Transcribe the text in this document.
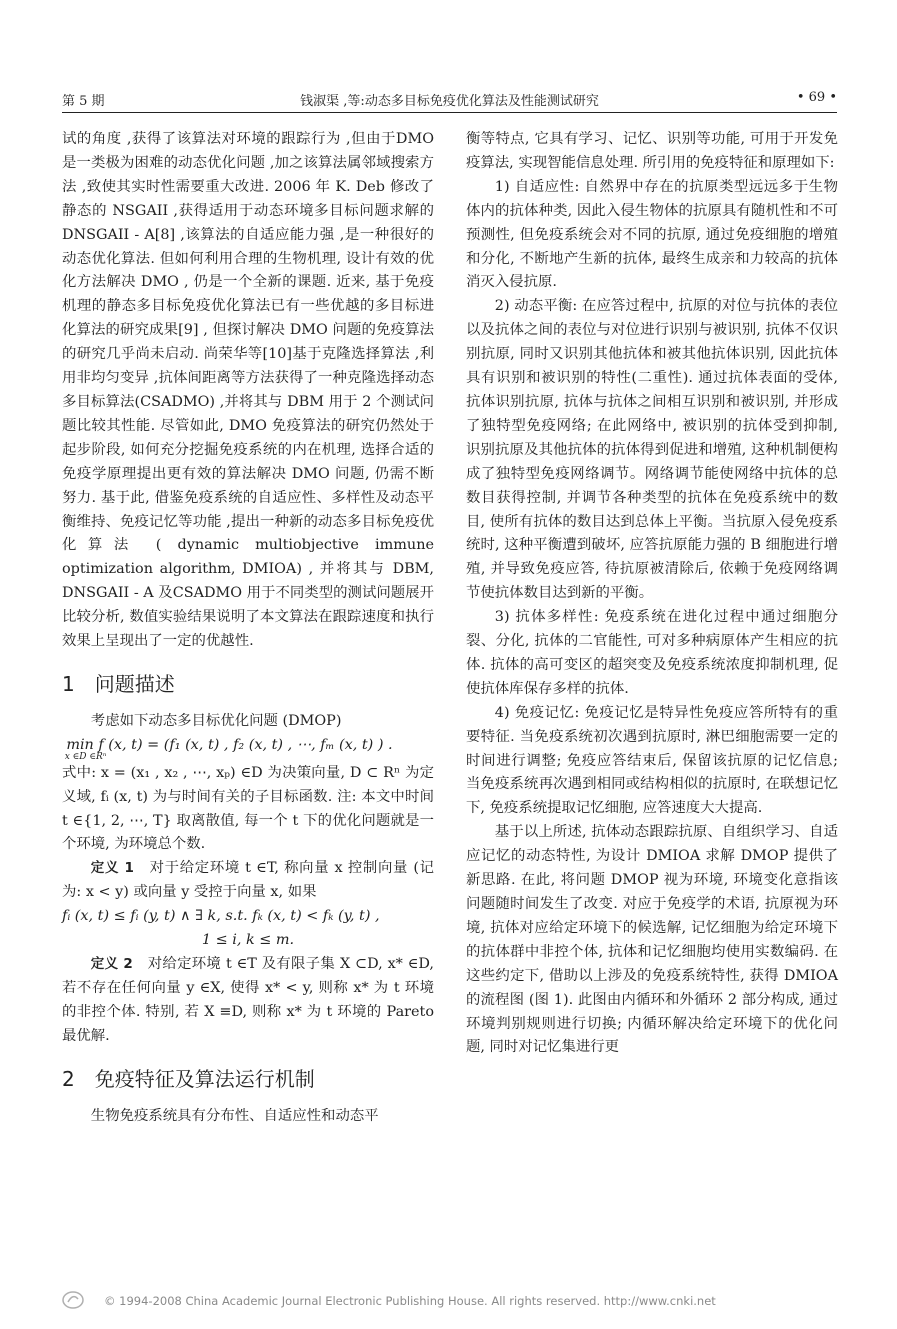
第 5 期	钱淑渠 ,等:动态多目标免疫优化算法及性能测试研究	• 69 •

试的角度 ,获得了该算法对环境的跟踪行为 ,但由于DMO 是一类极为困难的动态优化问题 ,加之该算法属邻域搜索方法 ,致使其实时性需要重大改进. 2006 年 K. Deb 修改了静态的 NSGAII ,获得适用于动态环境多目标问题求解的 DNSGAII - A[8] ,该算法的自适应能力强 ,是一种很好的动态优化算法. 但如何利用合理的生物机理, 设计有效的优化方法解决 DMO , 仍是一个全新的课题. 近来, 基于免疫机理的静态多目标免疫优化算法已有一些优越的多目标进化算法的研究成果[9] , 但探讨解决 DMO 问题的免疫算法的研究几乎尚未启动. 尚荣华等[10]基于克隆选择算法 ,利用非均匀变异 ,抗体间距离等方法获得了一种克隆选择动态多目标算法(CSADMO) ,并将其与 DBM 用于 2 个测试问题比较其性能. 尽管如此, DMO 免疫算法的研究仍然处于起步阶段, 如何充分挖掘免疫系统的内在机理, 选择合适的免疫学原理提出更有效的算法解决 DMO 问题, 仍需不断努力. 基于此, 借鉴免疫系统的自适应性、多样性及动态平衡维持、免疫记忆等功能 ,提出一种新的动态多目标免疫优化算法 ( dynamic multiobjective immune optimization algorithm, DMIOA) , 并将其与 DBM, DNSGAII - A 及CSADMO 用于不同类型的测试问题展开比较分析, 数值实验结果说明了本文算法在跟踪速度和执行效果上呈现出了一定的优越性.

1　问题描述

考虑如下动态多目标优化问题 (DMOP)

min f (x, t) = (f₁ (x, t) , f₂ (x, t) , ⋯, fₘ (x, t) ) .

x ∈D ∈Rⁿ

式中: x = (x₁ , x₂ , ⋯, xₚ) ∈D 为决策向量, D ⊂ Rⁿ 为定义域, fᵢ (x, t) 为与时间有关的子目标函数. 注: 本文中时间 t ∈{1, 2, ⋯, T} 取离散值, 每一个 t 下的优化问题就是一个环境, 为环境总个数.

定义 1　 对于给定环境 t ∈T, 称向量 x 控制向量 (记为: x < y) 或向量 y 受控于向量 x, 如果

fᵢ (x, t) ≤ fᵢ (y, t) ∧ ∃ k, s.t. fₖ (x, t) < fₖ (y, t) ,

1 ≤ i, k ≤ m.

定义 2　 对给定环境 t ∈T 及有限子集 X ⊂D, x* ∈D, 若不存在任何向量 y ∈X, 使得 x* < y, 则称 x* 为 t 环境的非控个体. 特别, 若 X ≡D, 则称 x* 为 t 环境的 Pareto 最优解.

2　免疫特征及算法运行机制

生物免疫系统具有分布性、自适应性和动态平

衡等特点, 它具有学习、记忆、识别等功能, 可用于开发免疫算法, 实现智能信息处理. 所引用的免疫特征和原理如下:

1) 自适应性: 自然界中存在的抗原类型远远多于生物体内的抗体种类, 因此入侵生物体的抗原具有随机性和不可预测性, 但免疫系统会对不同的抗原, 通过免疫细胞的增殖和分化, 不断地产生新的抗体, 最终生成亲和力较高的抗体消灭入侵抗原.

2) 动态平衡: 在应答过程中, 抗原的对位与抗体的表位以及抗体之间的表位与对位进行识别与被识别, 抗体不仅识别抗原, 同时又识别其他抗体和被其他抗体识别, 因此抗体具有识别和被识别的特性(二重性). 通过抗体表面的受体, 抗体识别抗原, 抗体与抗体之间相互识别和被识别, 并形成了独特型免疫网络; 在此网络中, 被识别的抗体受到抑制, 识别抗原及其他抗体的抗体得到促进和增殖, 这种机制便构成了独特型免疫网络调节。网络调节能使网络中抗体的总数目获得控制, 并调节各种类型的抗体在免疫系统中的数目, 使所有抗体的数目达到总体上平衡。当抗原入侵免疫系统时, 这种平衡遭到破坏, 应答抗原能力强的 B 细胞进行增殖, 并导致免疫应答, 待抗原被清除后, 依赖于免疫网络调节使抗体数目达到新的平衡。

3) 抗体多样性: 免疫系统在进化过程中通过细胞分裂、分化, 抗体的二官能性, 可对多种病原体产生相应的抗体. 抗体的高可变区的超突变及免疫系统浓度抑制机理, 促使抗体库保存多样的抗体.

4) 免疫记忆: 免疫记忆是特异性免疫应答所特有的重要特征. 当免疫系统初次遇到抗原时, 淋巴细胞需要一定的时间进行调整; 免疫应答结束后, 保留该抗原的记忆信息; 当免疫系统再次遇到相同或结构相似的抗原时, 在联想记忆下, 免疫系统提取记忆细胞, 应答速度大大提高.

基于以上所述, 抗体动态跟踪抗原、自组织学习、自适应记忆的动态特性, 为设计 DMIOA 求解 DMOP 提供了新思路. 在此, 将问题 DMOP 视为环境, 环境变化意指该问题随时间发生了改变. 对应于免疫学的术语, 抗原视为环境, 抗体对应给定环境下的候选解, 记忆细胞为给定环境下的抗体群中非控个体, 抗体和记忆细胞均使用实数编码. 在这些约定下, 借助以上涉及的免疫系统特性, 获得 DMIOA 的流程图 (图 1). 此图由内循环和外循环 2 部分构成, 通过环境判别规则进行切换; 内循环解决给定环境下的优化问题, 同时对记忆集进行更

© 1994-2008 China Academic Journal Electronic Publishing House. All rights reserved. http://www.cnki.net
